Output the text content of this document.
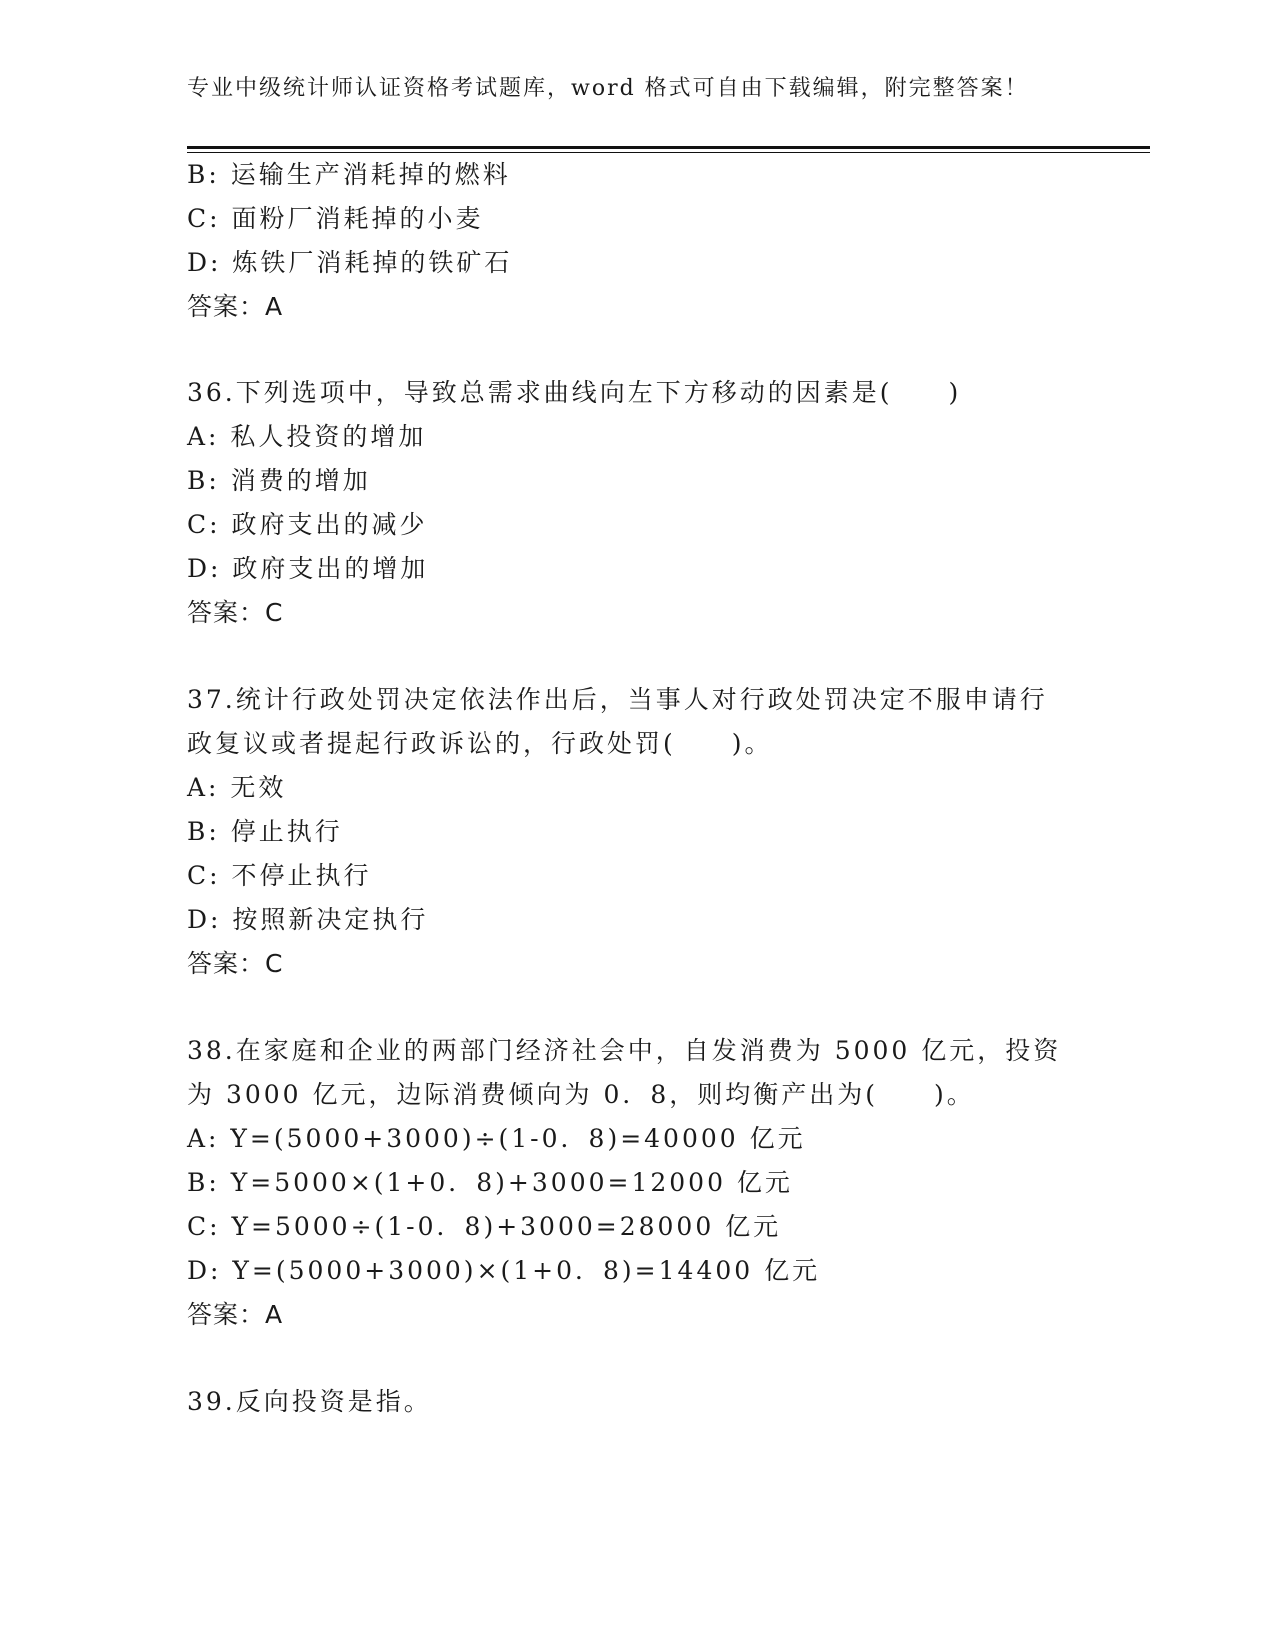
专业中级统计师认证资格考试题库，word 格式可自由下载编辑，附完整答案！
B: 运输生产消耗掉的燃料
C: 面粉厂消耗掉的小麦
D: 炼铁厂消耗掉的铁矿石
答案：A
36.下列选项中，导致总需求曲线向左下方移动的因素是(　　)
A: 私人投资的增加
B: 消费的增加
C: 政府支出的减少
D: 政府支出的增加
答案：C
37.统计行政处罚决定依法作出后，当事人对行政处罚决定不服申请行
政复议或者提起行政诉讼的，行政处罚(　　)。
A: 无效
B: 停止执行
C: 不停止执行
D: 按照新决定执行
答案：C
38.在家庭和企业的两部门经济社会中，自发消费为 5000 亿元，投资
为 3000 亿元，边际消费倾向为 0．8，则均衡产出为(　　)。
A: Y=(5000+3000)÷(1-0．8)=40000 亿元
B: Y=5000×(1+0．8)+3000=12000 亿元
C: Y=5000÷(1-0．8)+3000=28000 亿元
D: Y=(5000+3000)×(1+0．8)=14400 亿元
答案：A
39.反向投资是指。
